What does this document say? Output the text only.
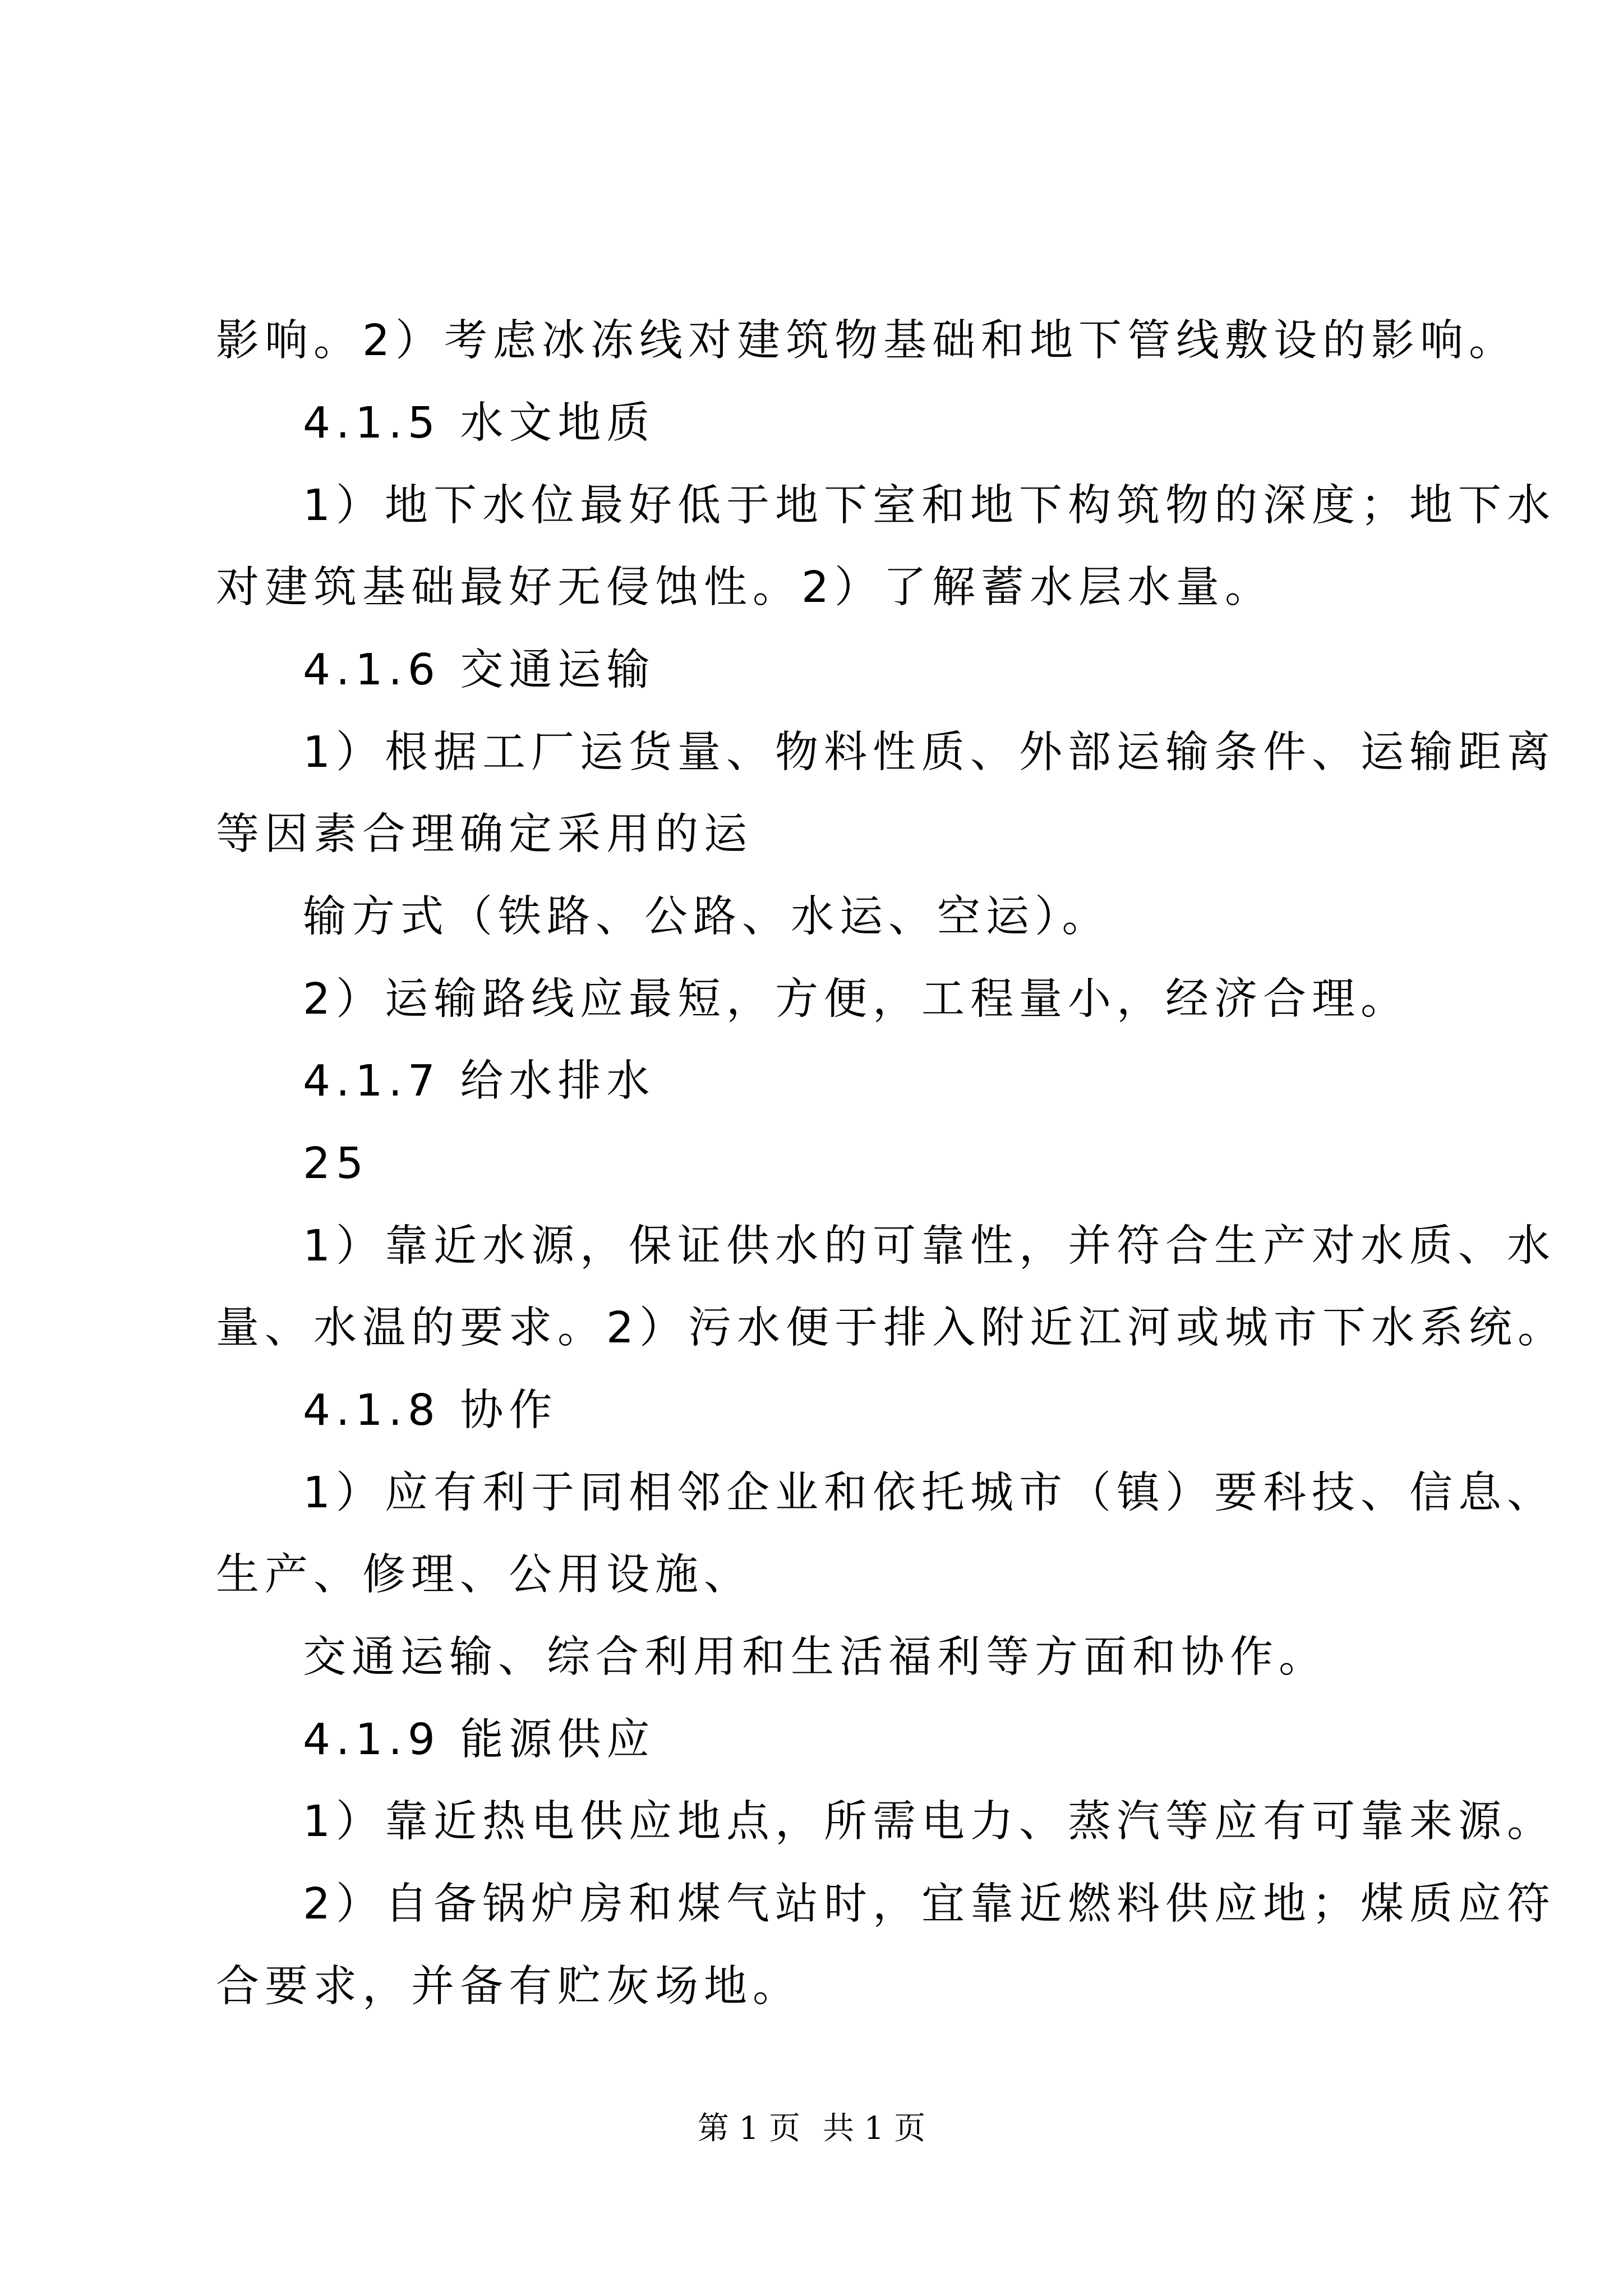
影响。2）考虑冰冻线对建筑物基础和地下管线敷设的影响。
4.1.5 水文地质
1）地下水位最好低于地下室和地下构筑物的深度；地下水
对建筑基础最好无侵蚀性。2）了解蓄水层水量。
4.1.6 交通运输
1）根据工厂运货量、物料性质、外部运输条件、运输距离
等因素合理确定采用的运
输方式（铁路、公路、水运、空运）。
2）运输路线应最短，方便，工程量小，经济合理。
4.1.7 给水排水
25
1）靠近水源，保证供水的可靠性，并符合生产对水质、水
量、水温的要求。2）污水便于排入附近江河或城市下水系统。
4.1.8 协作
1）应有利于同相邻企业和依托城市（镇）要科技、信息、
生产、修理、公用设施、
交通运输、综合利用和生活福利等方面和协作。
4.1.9 能源供应
1）靠近热电供应地点，所需电力、蒸汽等应有可靠来源。
2）自备锅炉房和煤气站时，宜靠近燃料供应地；煤质应符
合要求，并备有贮灰场地。
第 1 页 共 1 页
